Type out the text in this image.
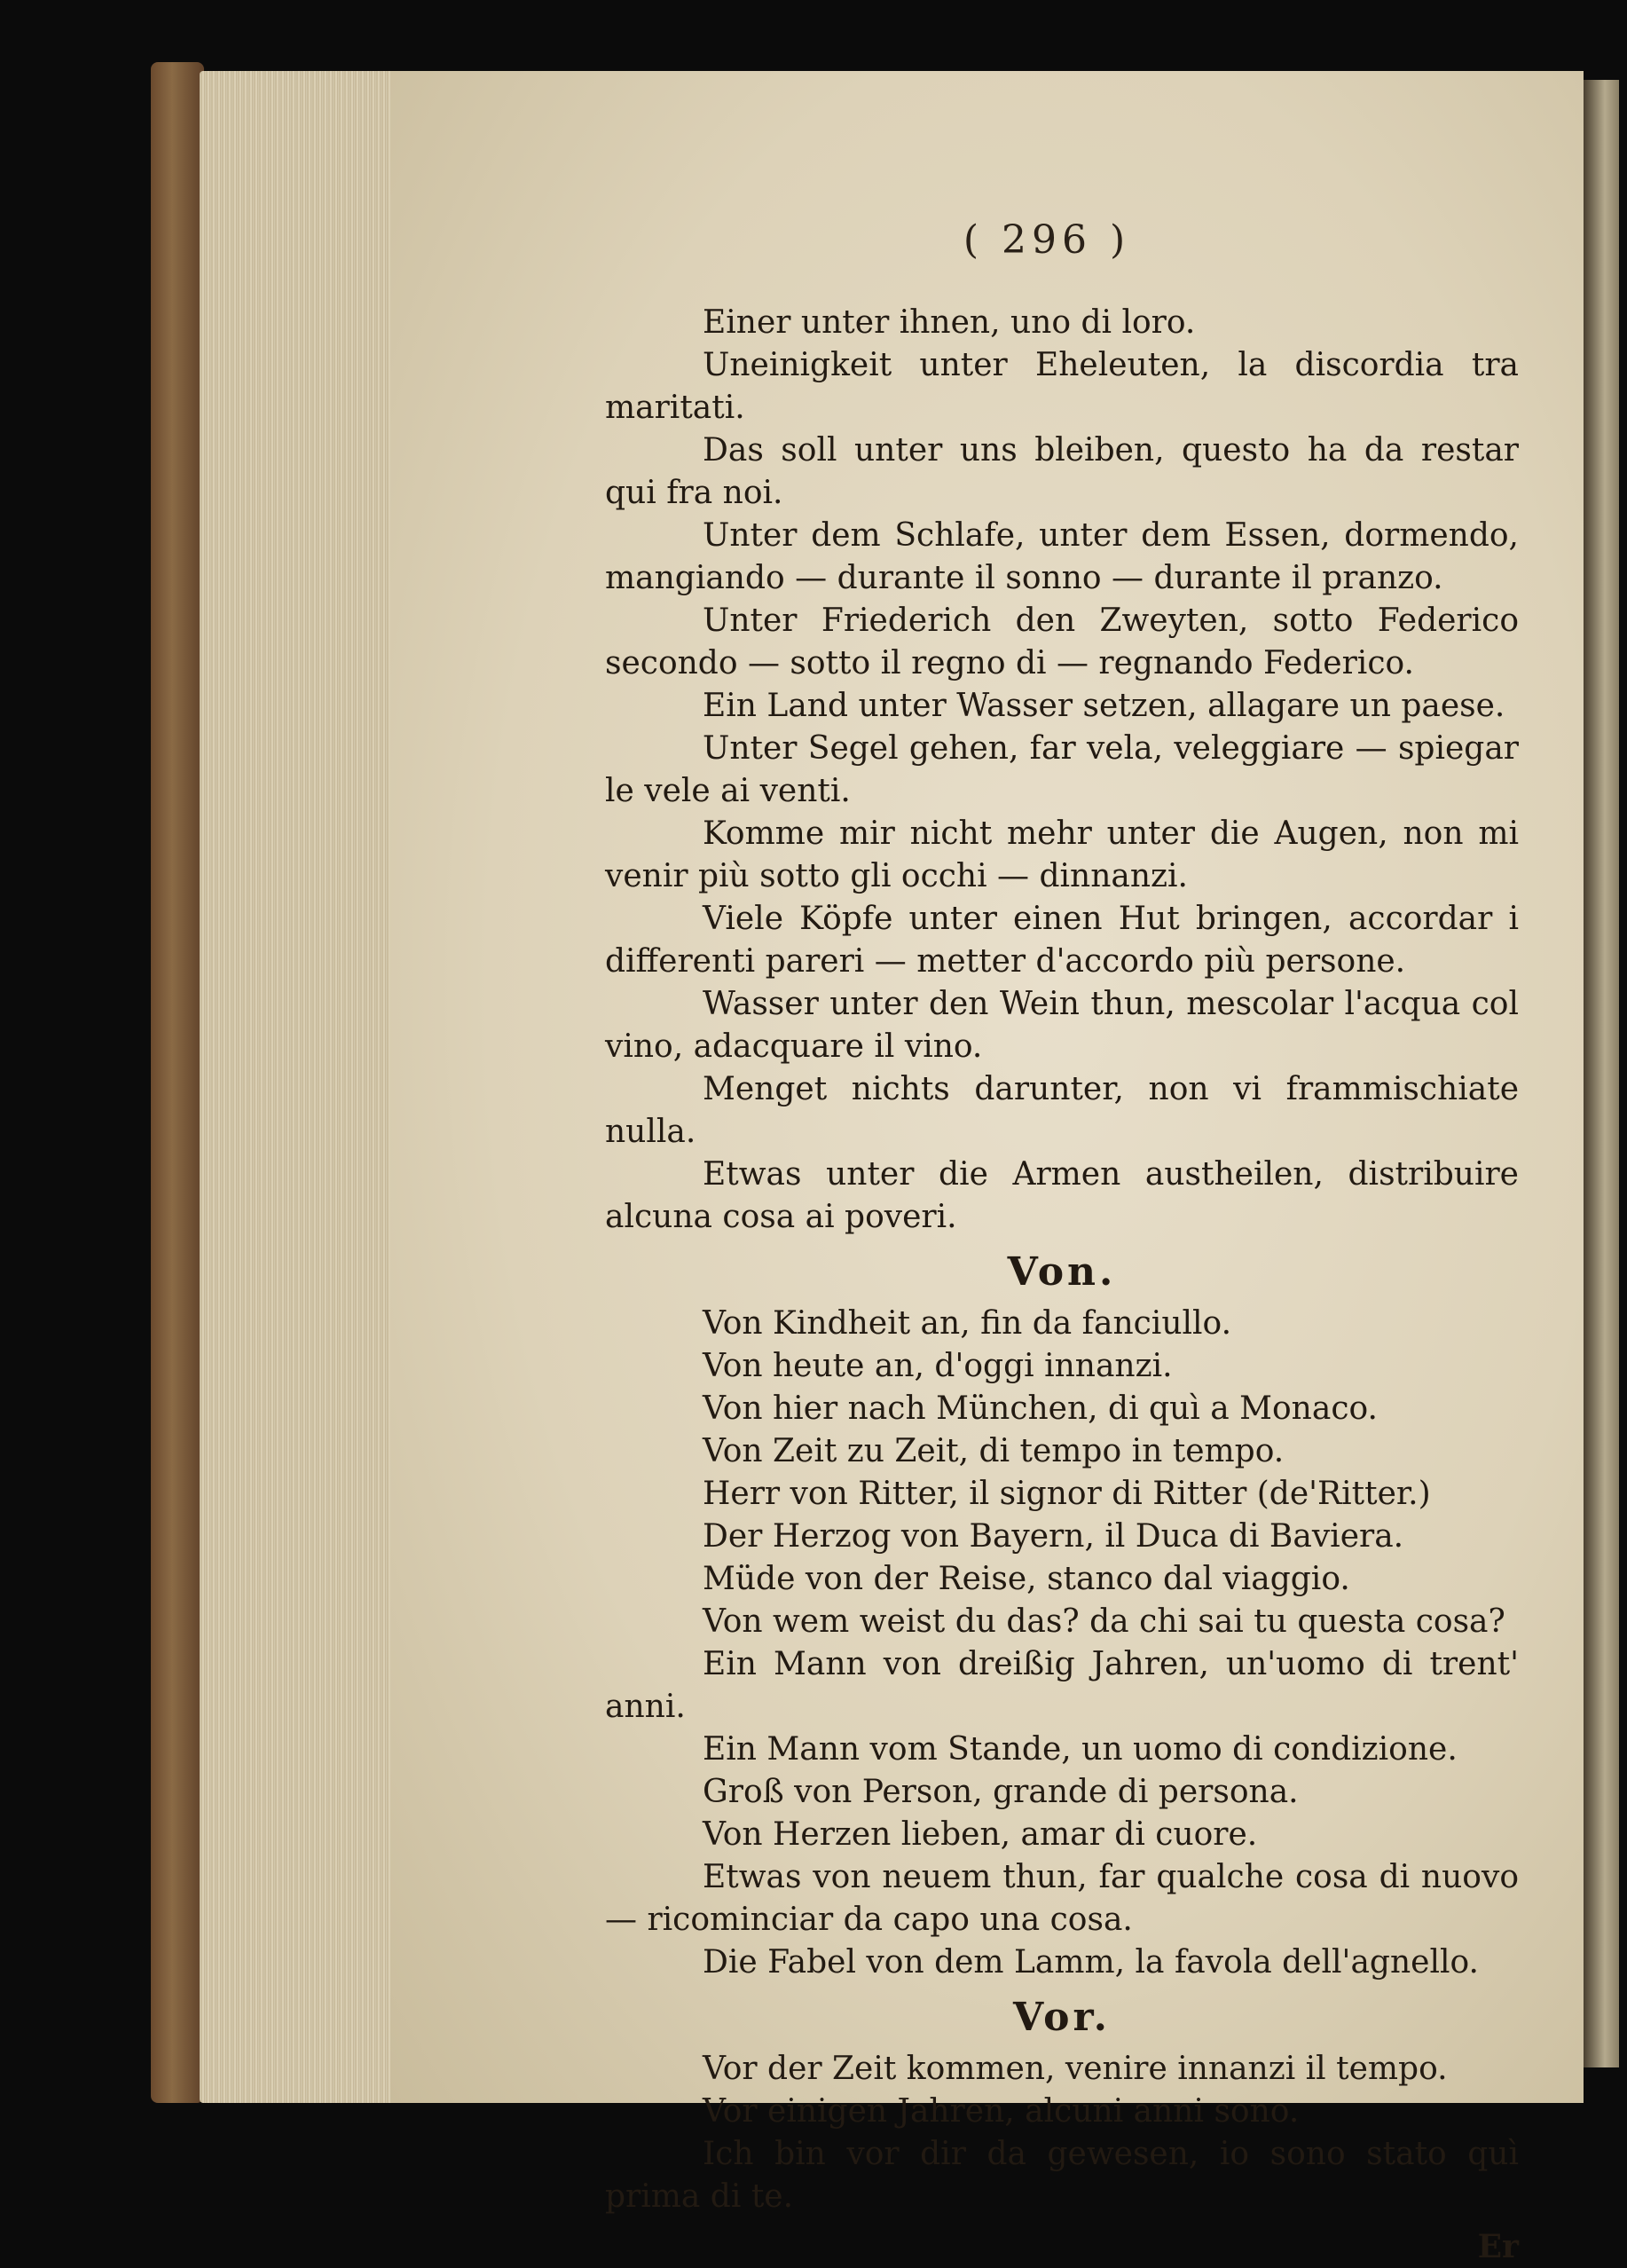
( 296 )

Einer unter ihnen, uno di loro.

Uneinigkeit unter Eheleuten, la discordia tra maritati.

Das soll unter uns bleiben, questo ha da restar qui fra noi.

Unter dem Schlafe, unter dem Essen, dormendo, mangiando — durante il sonno — durante il pranzo.

Unter Friederich den Zweyten, sotto Federico secondo — sotto il regno di — regnando Federico.

Ein Land unter Wasser setzen, allagare un paese.

Unter Segel gehen, far vela, veleggiare — spiegar le vele ai venti.

Komme mir nicht mehr unter die Augen, non mi venir più sotto gli occhi — dinnanzi.

Viele Köpfe unter einen Hut bringen, accordar i differenti pareri — metter d'accordo più persone.

Wasser unter den Wein thun, mescolar l'acqua col vino, adacquare il vino.

Menget nichts darunter, non vi frammischiate nulla.

Etwas unter die Armen austheilen, distribuire alcuna cosa ai poveri.

Von.

Von Kindheit an, fin da fanciullo.

Von heute an, d'oggi innanzi.

Von hier nach München, di quì a Monaco.

Von Zeit zu Zeit, di tempo in tempo.

Herr von Ritter, il signor di Ritter (de'Ritter.)

Der Herzog von Bayern, il Duca di Baviera.

Müde von der Reise, stanco dal viaggio.

Von wem weist du das? da chi sai tu questa cosa?

Ein Mann von dreißig Jahren, un'uomo di trent' anni.

Ein Mann vom Stande, un uomo di condizione.

Groß von Person, grande di persona.

Von Herzen lieben, amar di cuore.

Etwas von neuem thun, far qualche cosa di nuovo — ricominciar da capo una cosa.

Die Fabel von dem Lamm, la favola dell'agnello.

Vor.

Vor der Zeit kommen, venire innanzi il tempo.

Vor einigen Jahren, alcuni anni sono.

Ich bin vor dir da gewesen, io sono stato quì prima di te.

Er
